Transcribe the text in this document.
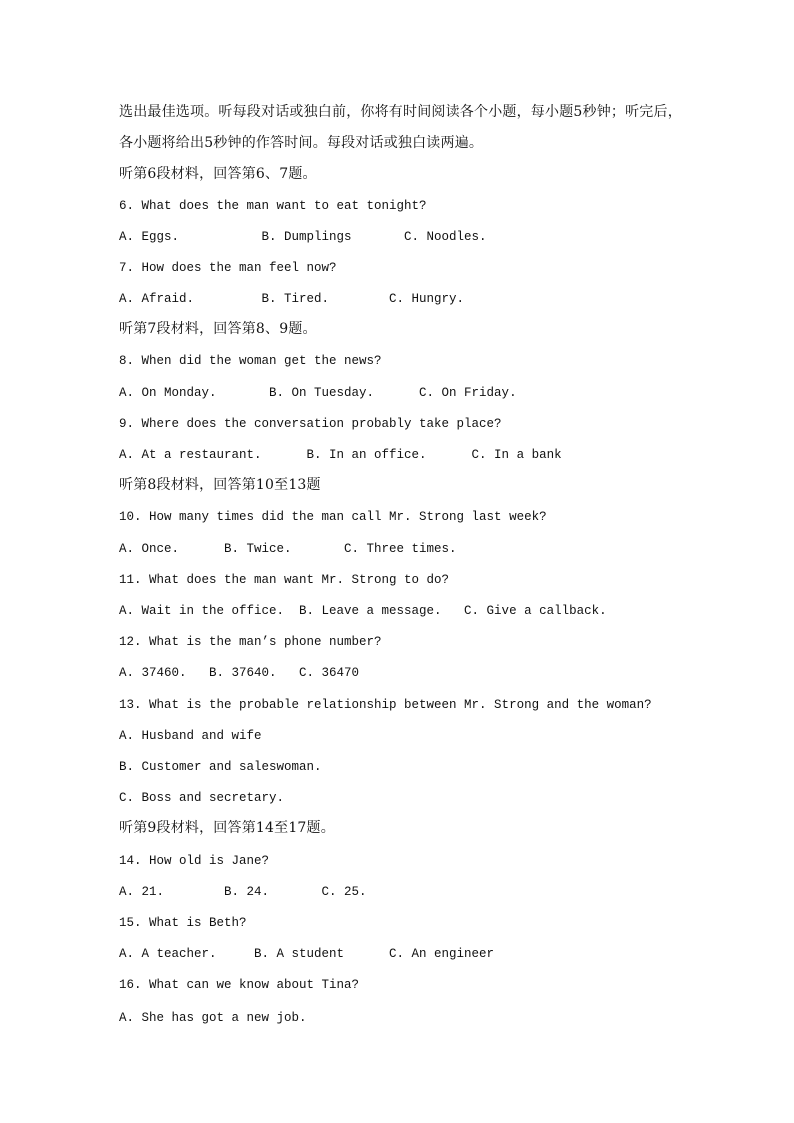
选出最佳选项。听每段对话或独白前，你将有时间阅读各个小题，每小题5秒钟；听完后，
各小题将给出5秒钟的作答时间。每段对话或独白读两遍。
听第6段材料，回答第6、7题。
6. What does the man want to eat tonight?
A. Eggs.           B. Dumplings       C. Noodles.
7. How does the man feel now?
A. Afraid.         B. Tired.        C. Hungry.
听第7段材料，回答第8、9题。
8. When did the woman get the news?
A. On Monday.       B. On Tuesday.      C. On Friday.
9. Where does the conversation probably take place?
A. At a restaurant.      B. In an office.      C. In a bank
听第8段材料，回答第10至13题
10. How many times did the man call Mr. Strong last week?
A. Once.      B. Twice.       C. Three times.
11. What does the man want Mr. Strong to do?
A. Wait in the office.  B. Leave a message.   C. Give a callback.
12. What is the man’s phone number?
A. 37460.   B. 37640.   C. 36470
13. What is the probable relationship between Mr. Strong and the woman?
A. Husband and wife
B. Customer and saleswoman.
C. Boss and secretary.
听第9段材料，回答第14至17题。
14. How old is Jane?
A. 21.        B. 24.       C. 25.
15. What is Beth?
A. A teacher.     B. A student      C. An engineer
16. What can we know about Tina?
A. She has got a new job.
